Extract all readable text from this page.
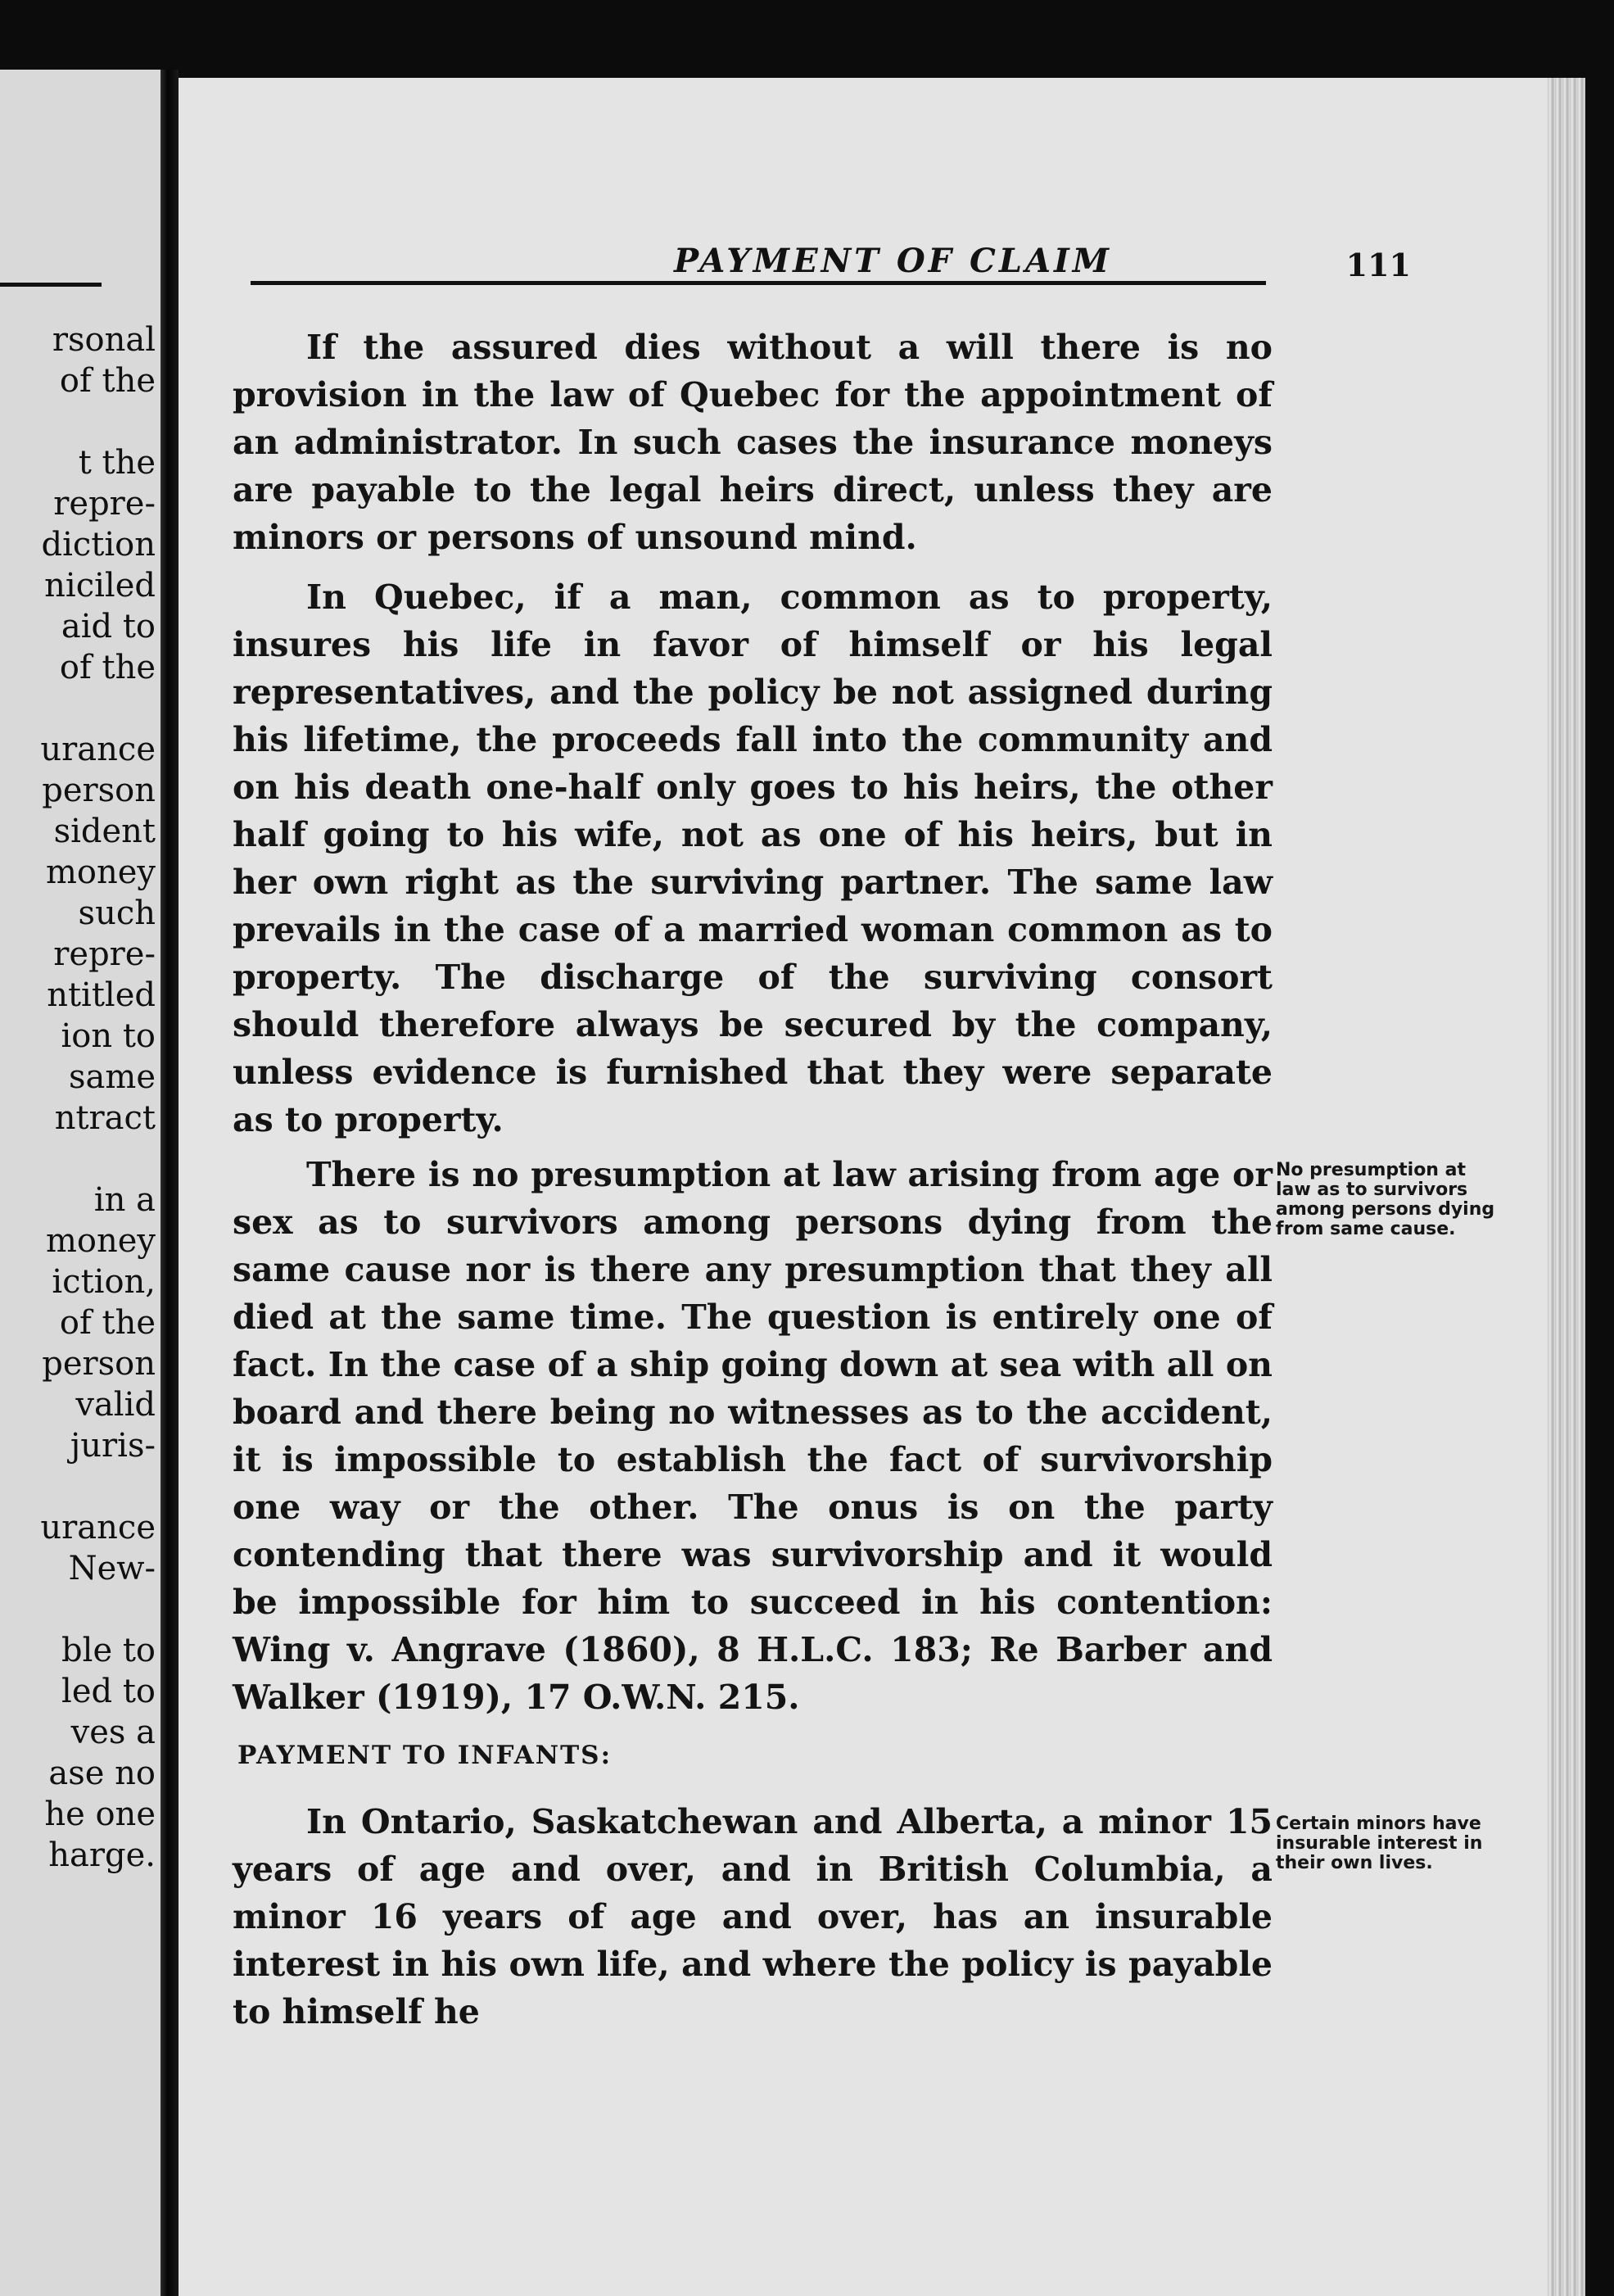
rsonal
of the
t the
repre-
diction
niciled
aid to
of the
urance
person
sident
money
such
repre-
ntitled
ion to
same
ntract
in a
money
iction,
of the
person
valid
juris-
urance
New-
ble to
led to
ves a
ase no
he one
harge.
PAYMENT OF CLAIM	111

If the assured dies without a will there is no provision in the law of Quebec for the appointment of an administrator. In such cases the insurance moneys are payable to the legal heirs direct, unless they are minors or persons of unsound mind.

In Quebec, if a man, common as to property, insures his life in favor of himself or his legal representatives, and the policy be not assigned during his lifetime, the proceeds fall into the community and on his death one-half only goes to his heirs, the other half going to his wife, not as one of his heirs, but in her own right as the surviving partner. The same law prevails in the case of a married woman common as to property. The discharge of the surviving consort should therefore always be secured by the company, unless evidence is furnished that they were separate as to property.

There is no presumption at law arising from age or sex as to survivors among persons dying from the same cause nor is there any presumption that they all died at the same time. The question is entirely one of fact. In the case of a ship going down at sea with all on board and there being no witnesses as to the accident, it is impossible to establish the fact of survivorship one way or the other. The onus is on the party contending that there was survivorship and it would be impossible for him to succeed in his contention: Wing v. Angrave (1860), 8 H.L.C. 183; Re Barber and Walker (1919), 17 O.W.N. 215.

No presumption at law as to survivors among persons dying from same cause.

PAYMENT TO INFANTS:

In Ontario, Saskatchewan and Alberta, a minor 15 years of age and over, and in British Columbia, a minor 16 years of age and over, has an insurable interest in his own life, and where the policy is payable to himself he

Certain minors have insurable interest in their own lives.
